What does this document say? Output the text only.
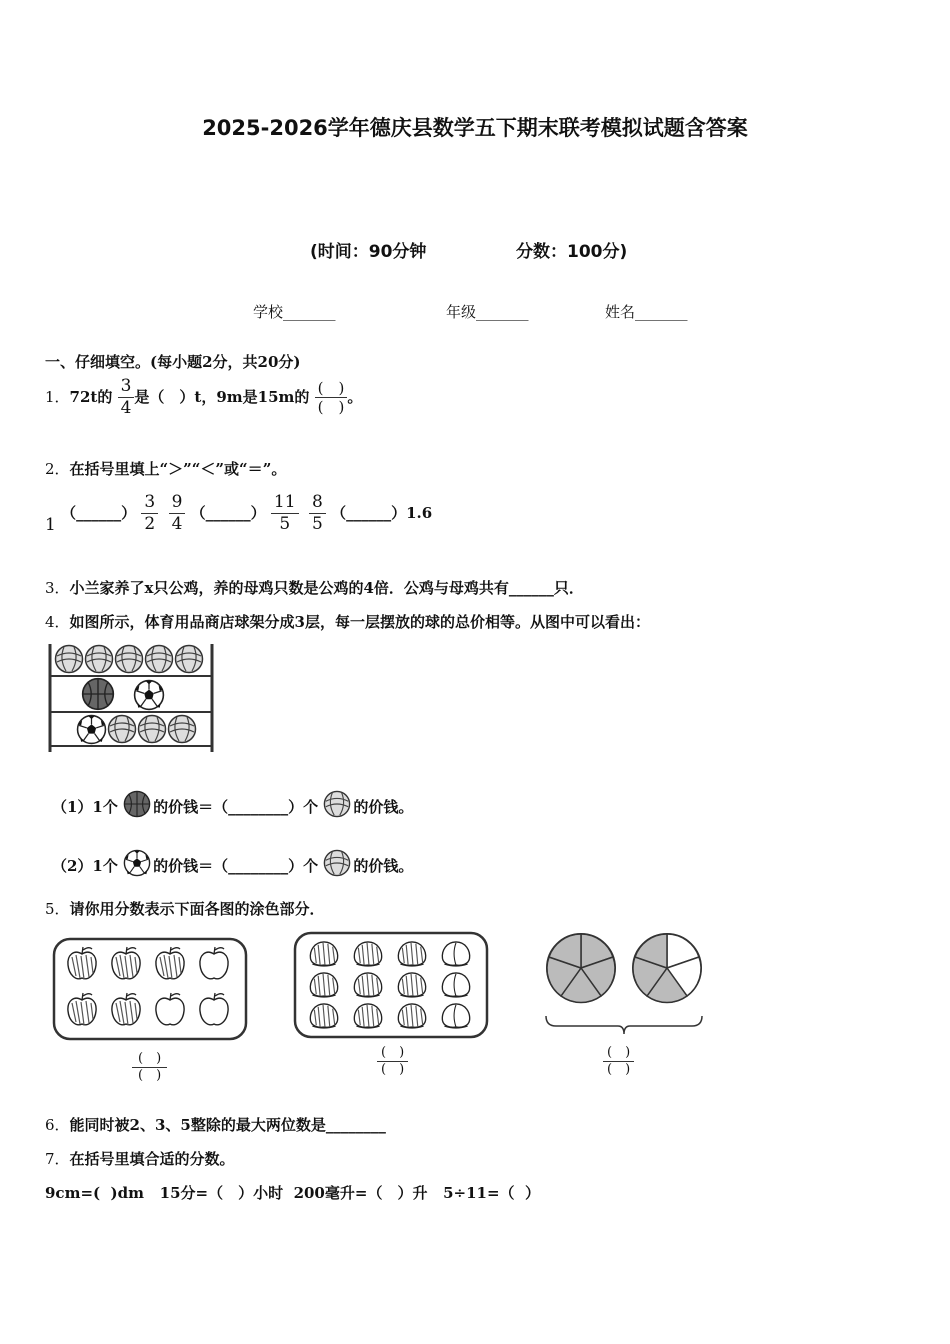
2025-2026学年德庆县数学五下期末联考模拟试题含答案
(时间：90分钟	分数：100分)
学校_______	年级_______	姓名_______
一、仔细填空。(每小题2分，共20分)
1．72t的 $\frac{3}{4}$ 是（　）t，9m是15m的 $\frac{( )}{( )}$ 。
2．在括号里填上“＞”“＜”或“＝”。
1 （______） $\frac{3}{2}$
$\frac{9}{4}$ （______） $\frac{11}{5}$
$\frac{8}{5}$ （______）1.6
3．小兰家养了x只公鸡，养的母鸡只数是公鸡的4倍．公鸡与母鸡共有______只．
4．如图所示，体育用品商店球架分成3层，每一层摆放的球的总价相等。从图中可以看出：
（1）1个 的价钱＝（________）个 的价钱。
（2）1个 的价钱＝（________）个 的价钱。
5．请你用分数表示下面各图的涂色部分．
$\frac{( )}{( )}$	$\frac{( )}{( )}$	$\frac{( )}{( )}$
6．能同时被2、3、5整除的最大两位数是________
7．在括号里填合适的分数。
9cm=(  )dm   15分=（　）小时  200毫升=（　）升   5÷11=（  ）
